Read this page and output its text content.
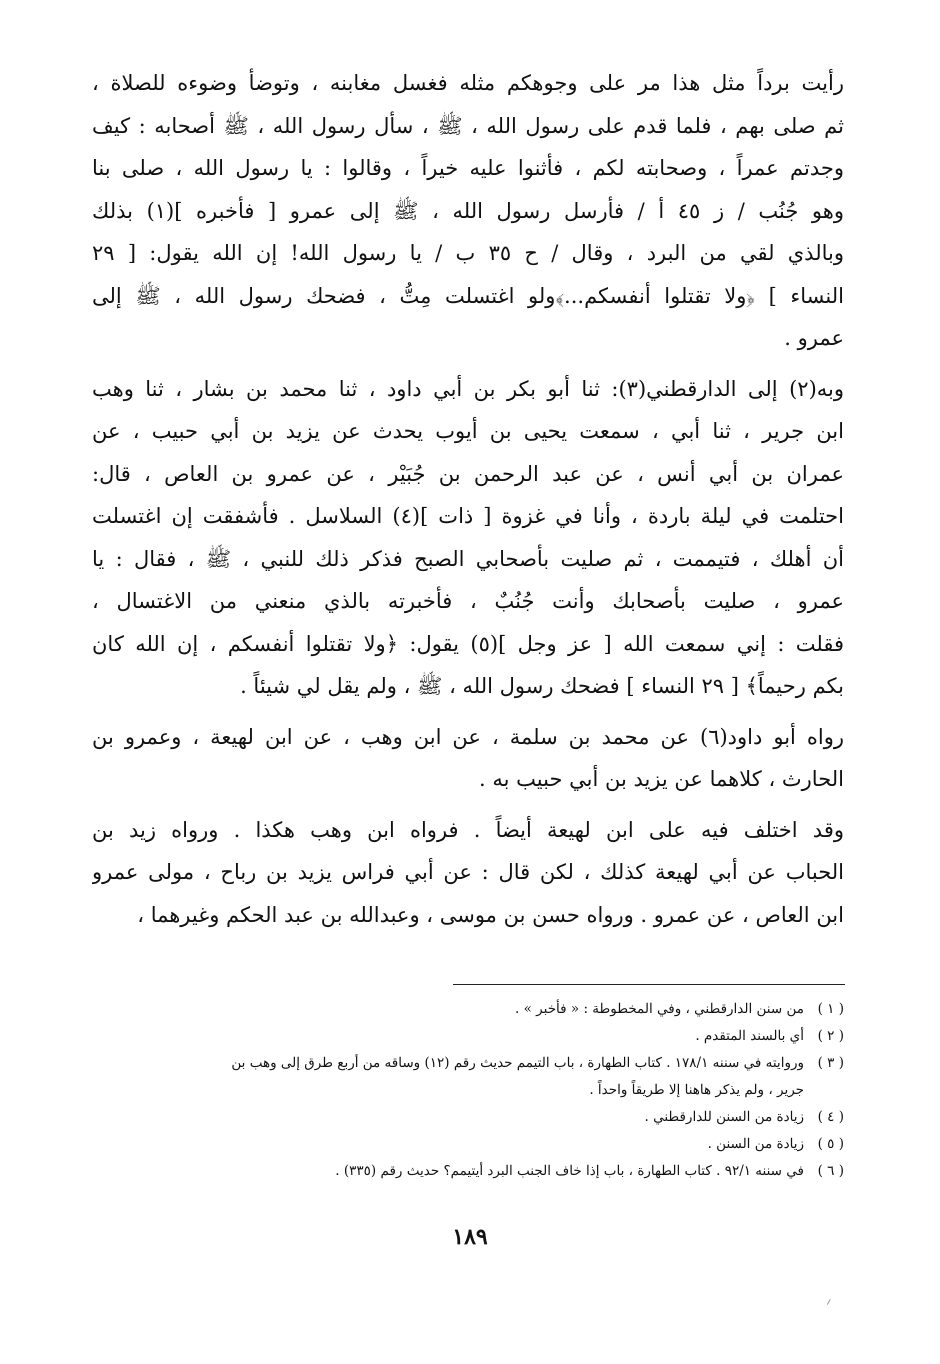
رأيت برداً مثل هذا مر على وجوهكم مثله فغسل مغابنه ، وتوضأ وضوءه للصلاة ،
ثم صلى بهم ، فلما قدم على رسول الله ، ﷺ ، سأل رسول الله ، ﷺ أصحابه : كيف
وجدتم عمراً ، وصحابته لكم ، فأثنوا عليه خيراً ، وقالوا : يا رسول الله ، صلى بنا
وهو جُنُب / ز ٤٥ أ / فأرسل رسول الله ، ﷺ إلى عمرو [ فأخبره ](١) بذلك
وبالذي لقي من البرد ، وقال / ح ٣٥ ب / يا رسول الله! إن الله يقول: [ ٢٩
النساء ] ﴿ولا تقتلوا أنفسكم...﴾ولو اغتسلت مِتُّ ، فضحك رسول الله ، ﷺ إلى
عمرو .
وبه(٢) إلى الدارقطني(٣): ثنا أبو بكر بن أبي داود ، ثنا محمد بن بشار ، ثنا وهب
ابن جرير ، ثنا أبي ، سمعت يحيى بن أيوب يحدث عن يزيد بن أبي حبيب ، عن
عمران بن أبي أنس ، عن عبد الرحمن بن جُبَيْر ، عن عمرو بن العاص ، قال:
احتلمت في ليلة باردة ، وأنا في غزوة [ ذات ](٤) السلاسل . فأشفقت إن اغتسلت
أن أهلك ، فتيممت ، ثم صليت بأصحابي الصبح فذكر ذلك للنبي ، ﷺ ، فقال : يا
عمرو ، صليت بأصحابك وأنت جُنُبٌ ، فأخبرته بالذي منعني من الاغتسال ،
فقلت : إني سمعت الله [ عز وجل ](٥) يقول: ﴿ولا تقتلوا أنفسكم ، إن الله كان
بكم رحيماً﴾ [ ٢٩ النساء ] فضحك رسول الله ، ﷺ ، ولم يقل لي شيئاً .
رواه أبو داود(٦) عن محمد بن سلمة ، عن ابن وهب ، عن ابن لهيعة ، وعمرو بن
الحارث ، كلاهما عن يزيد بن أبي حبيب به .
وقد اختلف فيه على ابن لهيعة أيضاً . فرواه ابن وهب هكذا . ورواه زيد بن
الحباب عن أبي لهيعة كذلك ، لكن قال : عن أبي فراس يزيد بن رباح ، مولى عمرو
ابن العاص ، عن عمرو . ورواه حسن بن موسى ، وعبدالله بن عبد الحكم وغيرهما ،
( ١ )من سنن الدارقطني ، وفي المخطوطة : « فأخبر » .
( ٢ )أي بالسند المتقدم .
( ٣ )وروايته في سننه ١٧٨/١ . كتاب الطهارة ، باب التيمم حديث رقم (١٢) وساقه من أربع طرق إلى وهب بن
جرير ، ولم يذكر هاهنا إلا طريقاً واحداً .
( ٤ )زيادة من السنن للدارقطني .
( ٥ )زيادة من السنن .
( ٦ )في سننه ٩٢/١ . كتاب الطهارة ، باب إذا خاف الجنب البرد أيتيمم؟ حديث رقم (٣٣٥) .
١٨٩
